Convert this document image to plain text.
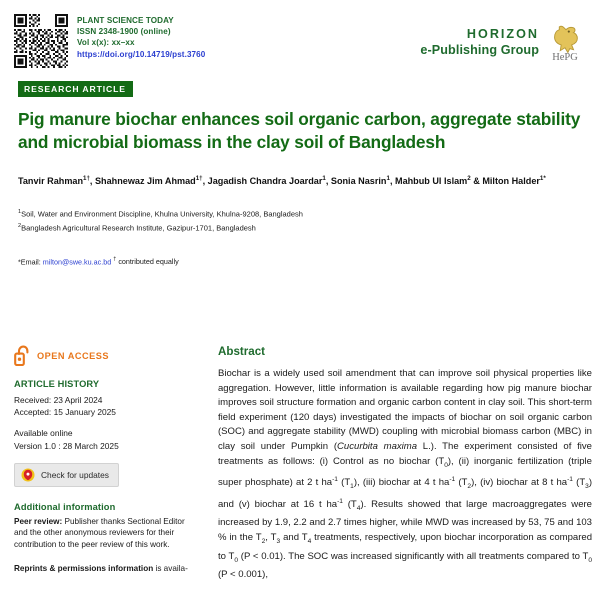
PLANT SCIENCE TODAY
ISSN 2348-1900 (online)
Vol x(x): xx–xx
https://doi.org/10.14719/pst.3760
HORIZON
e-Publishing Group
HePG
RESEARCH ARTICLE
Pig manure biochar enhances soil organic carbon, aggregate stability and microbial biomass in the clay soil of Bangladesh
Tanvir Rahman$^{1\dagger}$, Shahnewaz Jim Ahmad$^{1\dagger}$, Jagadish Chandra Joardar$^1$, Sonia Nasrin$^1$, Mahbub Ul Islam$^2$ & Milton Halder$^{1*}$
$^1$Soil, Water and Environment Discipline, Khulna University, Khulna-9208, Bangladesh
$^2$Bangladesh Agricultural Research Institute, Gazipur-1701, Bangladesh
*Email: milton@swe.ku.ac.bd † contributed equally
OPEN ACCESS
ARTICLE HISTORY

Received: 23 April 2024
Accepted: 15 January 2025

Available online
Version 1.0 : 28 March 2025

Check for updates
Additional information

Peer review: Publisher thanks Sectional Editor and the other anonymous reviewers for their contribution to the peer review of this work.

Reprints & permissions information is availa-

Abstract
Biochar is a widely used soil amendment that can improve soil physical properties like aggregation. However, little information is available regarding how pig manure biochar improves soil structure formation and organic carbon content in clay soil. This short-term field experiment (120 days) investigated the impacts of biochar on soil organic carbon (SOC) and aggregate stability (MWD) coupling with microbial biomass carbon (MBC) in clay soil under Pumpkin (Cucurbita maxima L.). The experiment consisted of five treatments as follows: (i) Control as no biochar $(T_0)$, (ii) inorganic fertilization (triple super phosphate) at 2 t $ha^{-1}$ $(T_1)$, (iii) biochar at 4 t $ha^{-1}$ $(T_2)$, (iv) biochar at 8 t $ha^{-1}$ $(T_3)$ and (v) biochar at 16 t $ha^{-1}$ $(T_4)$. Results showed that large macroaggregates were increased by 1.9, 2.2 and 2.7 times higher, while MWD was increased by 53, 75 and 103 % in the $T_2$, $T_3$ and $T_4$ treatments, respectively, upon biochar incorporation as compared to $T_0$ (P < 0.01). The SOC was increased significantly with all treatments compared to $T_0$ (P < 0.001),
